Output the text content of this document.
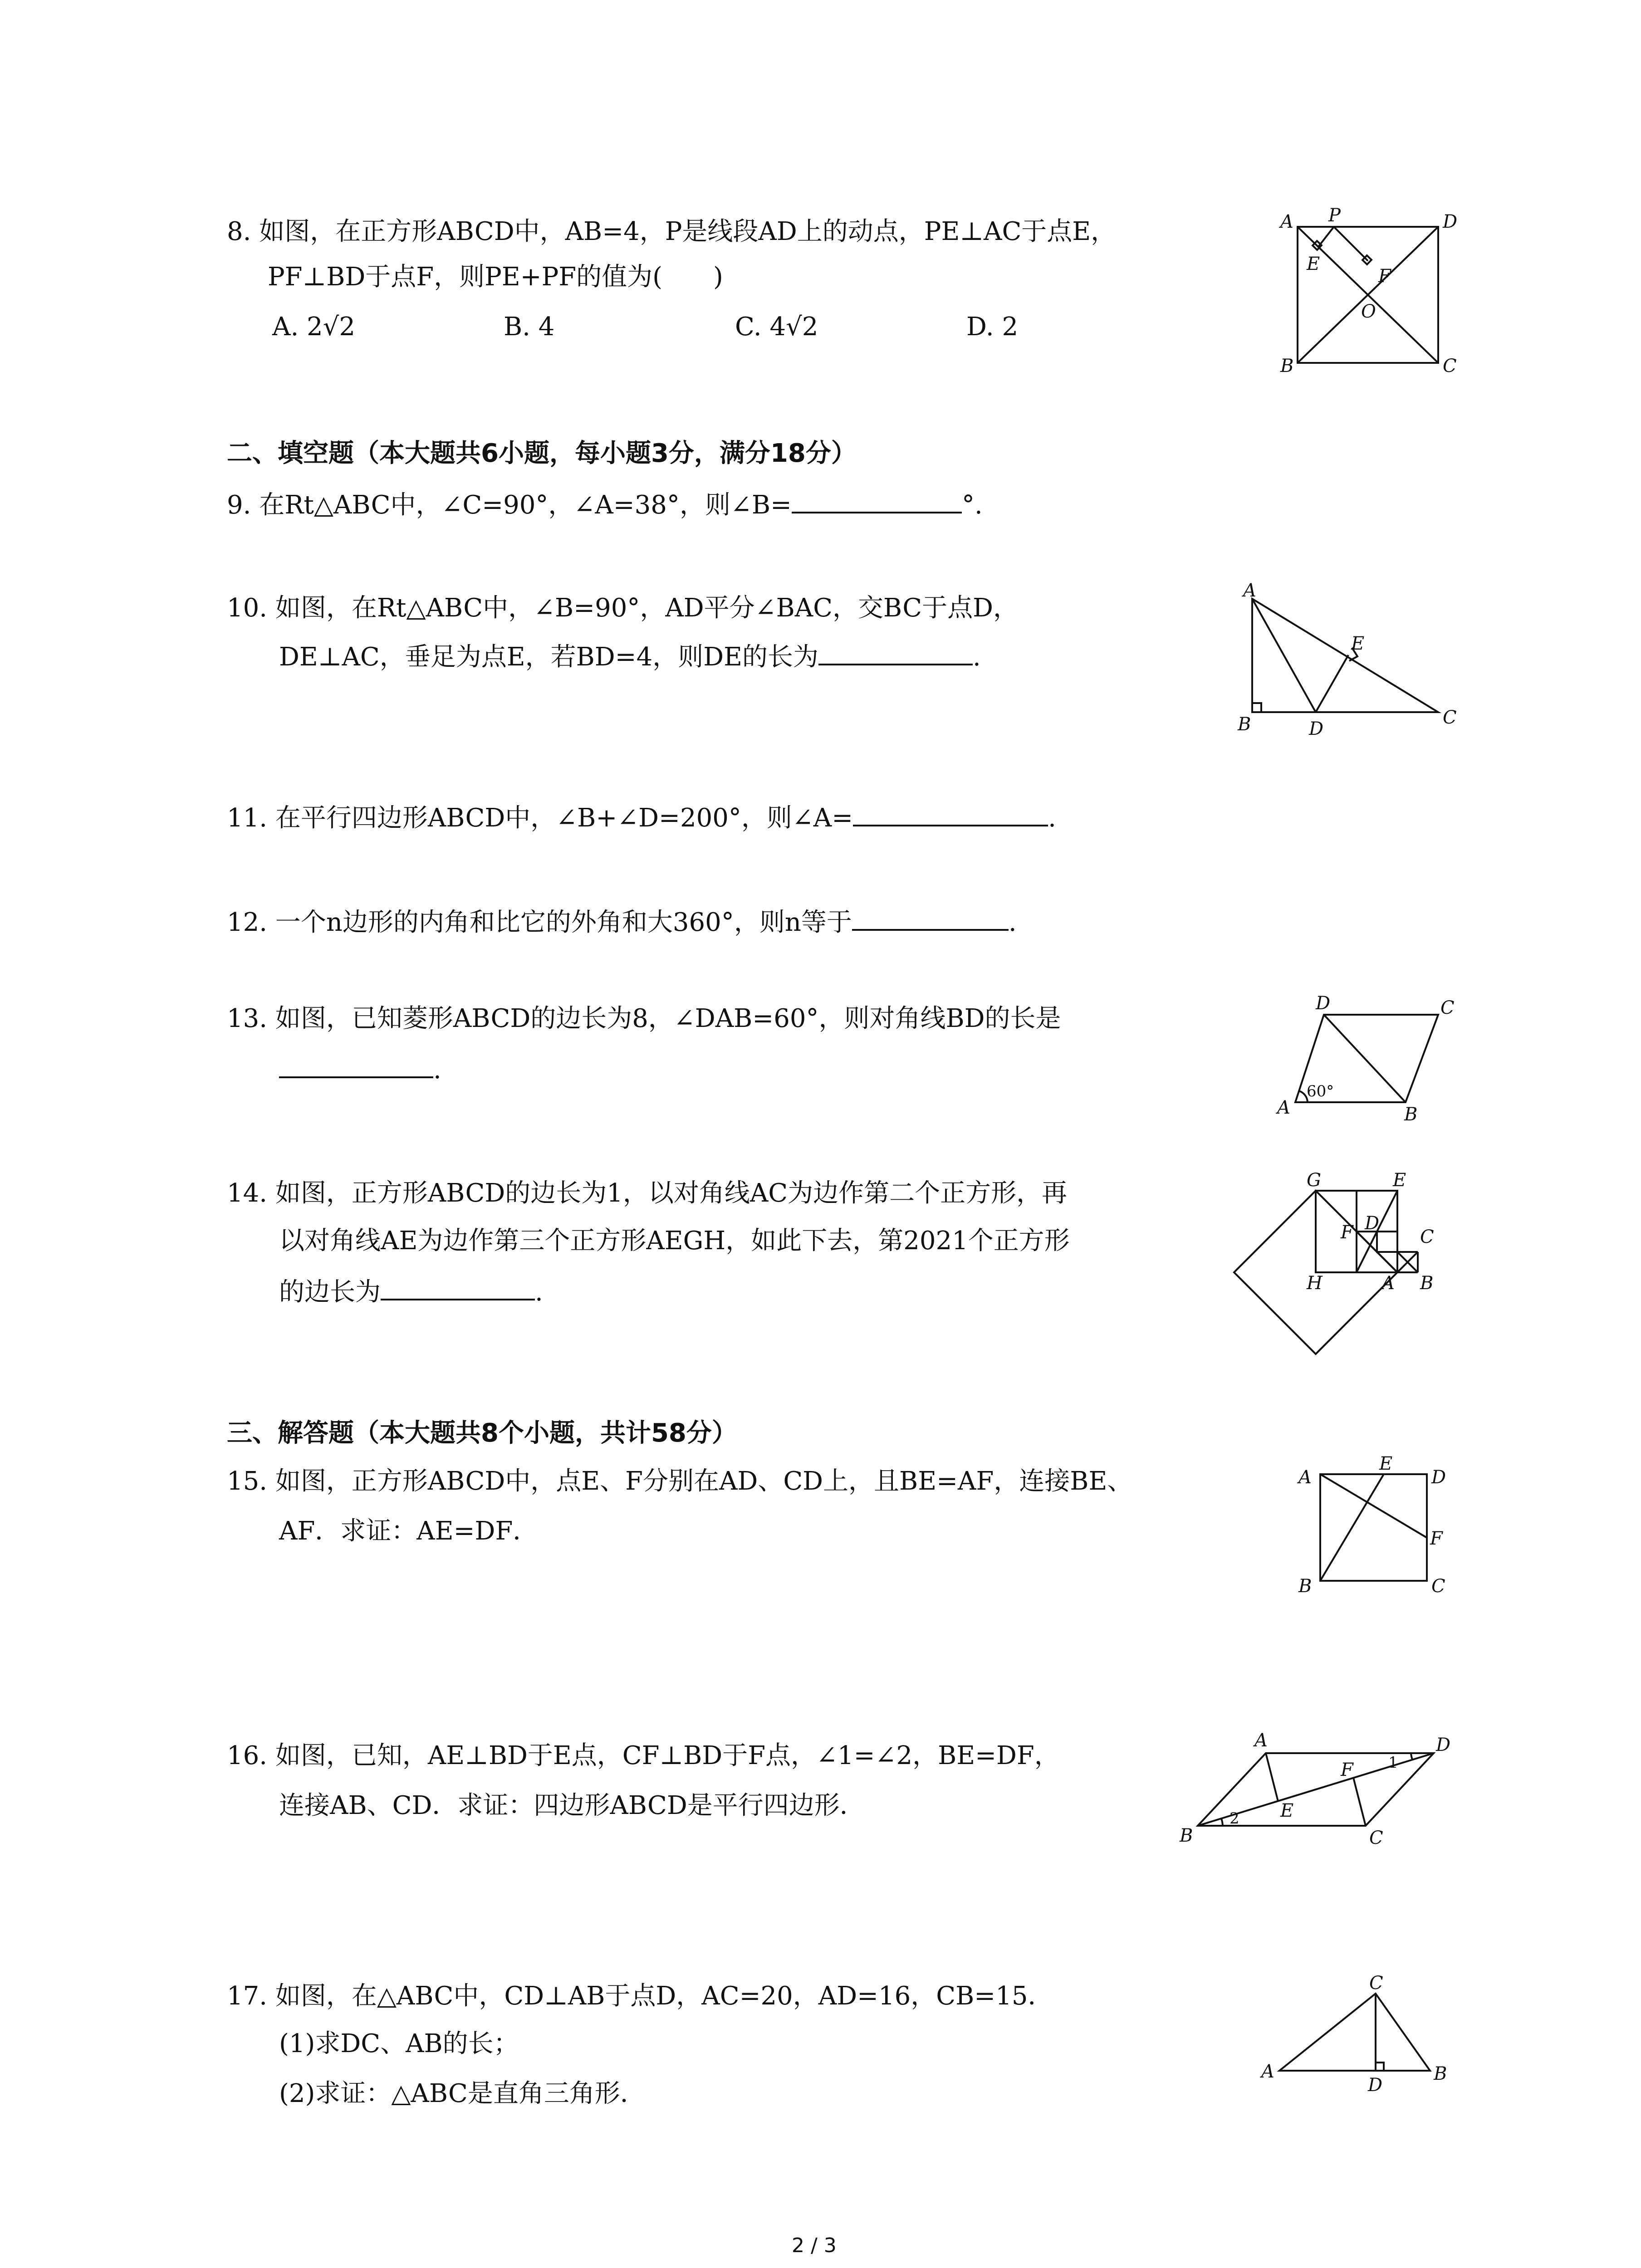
8. 如图，在正方形ABCD中，AB=4，P是线段AD上的动点，PE⊥AC于点E，
PF⊥BD于点F，则PE+PF的值为(　　)
A. 2√2	B. 4	C. 4√2	D. 2
A P	D
E
F
O
B	C
二、填空题（本大题共6小题，每小题3分，满分18分）
9. 在Rt△ABC中，∠C=90°，∠A=38°，则∠B=	°.
10. 如图，在Rt△ABC中，∠B=90°，AD平分∠BAC，交BC于点D，
DE⊥AC，垂足为点E，若BD=4，则DE的长为	.
A
E
B	D
C
11. 在平行四边形ABCD中，∠B+∠D=200°，则∠A=	.
12. 一个n边形的内角和比它的外角和大360°，则n等于	.
13. 如图，已知菱形ABCD的边长为8，∠DAB=60°，则对角线BD的长是
.
D	C
A	B
60°
14. 如图，正方形ABCD的边长为1，以对角线AC为边作第二个正方形，再
以对角线AE为边作第三个正方形AEGH，如此下去，第2021个正方形
的边长为	.
G	E
F D
C
H	A B
三、解答题（本大题共8个小题，共计58分）
15. 如图，正方形ABCD中，点E、F分别在AD、CD上，且BE=AF，连接BE、
AF．求证：AE=DF．
A
E
D
F
B	C
16. 如图，已知，AE⊥BD于E点，CF⊥BD于F点，∠1=∠2，BE=DF，
连接AB、CD．求证：四边形ABCD是平行四边形．
A	D
F 1
E
2
B	C
17. 如图，在△ABC中，CD⊥AB于点D，AC=20，AD=16，CB=15．
(1)求DC、AB的长；
(2)求证：△ABC是直角三角形．
C
A
D
B
2 / 3
